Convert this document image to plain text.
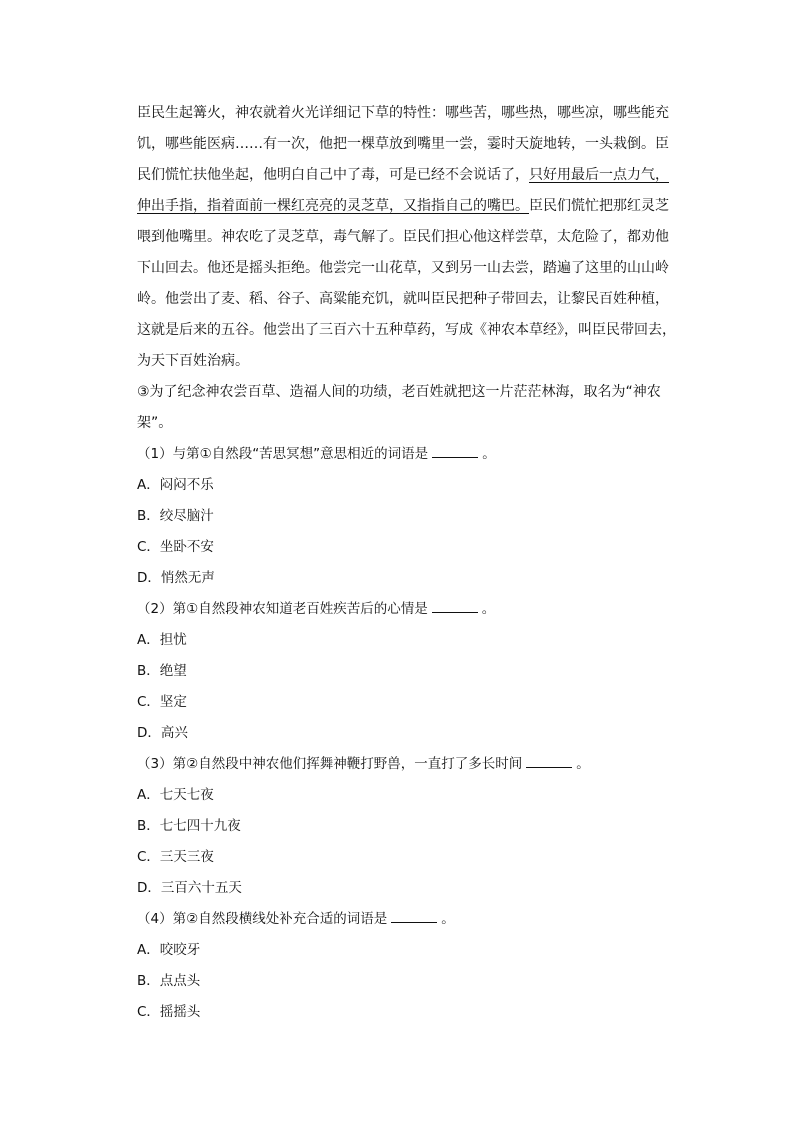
臣民生起篝火，神农就着火光详细记下草的特性：哪些苦，哪些热，哪些凉，哪些能充
饥，哪些能医病……有一次，他把一棵草放到嘴里一尝，霎时天旋地转，一头栽倒。臣
民们慌忙扶他坐起，他明白自己中了毒，可是已经不会说话了，只好用最后一点力气，
伸出手指，指着面前一棵红亮亮的灵芝草，又指指自己的嘴巴。臣民们慌忙把那红灵芝
喂到他嘴里。神农吃了灵芝草，毒气解了。臣民们担心他这样尝草，太危险了，都劝他
下山回去。他还是摇头拒绝。他尝完一山花草，又到另一山去尝，踏遍了这里的山山岭
岭。他尝出了麦、稻、谷子、高粱能充饥，就叫臣民把种子带回去，让黎民百姓种植，
这就是后来的五谷。他尝出了三百六十五种草药，写成《神农本草经》，叫臣民带回去，
为天下百姓治病。
③为了纪念神农尝百草、造福人间的功绩，老百姓就把这一片茫茫林海，取名为“神农
架”。
（1）与第①自然段“苦思冥想”意思相近的词语是	。
A．闷闷不乐
B．绞尽脑汁
C．坐卧不安
D．悄然无声
（2）第①自然段神农知道老百姓疾苦后的心情是	。
A．担忧
B．绝望
C．坚定
D．高兴
（3）第②自然段中神农他们挥舞神鞭打野兽，一直打了多长时间	。
A．七天七夜
B．七七四十九夜
C．三天三夜
D．三百六十五天
（4）第②自然段横线处补充合适的词语是	。
A．咬咬牙
B．点点头
C．摇摇头
